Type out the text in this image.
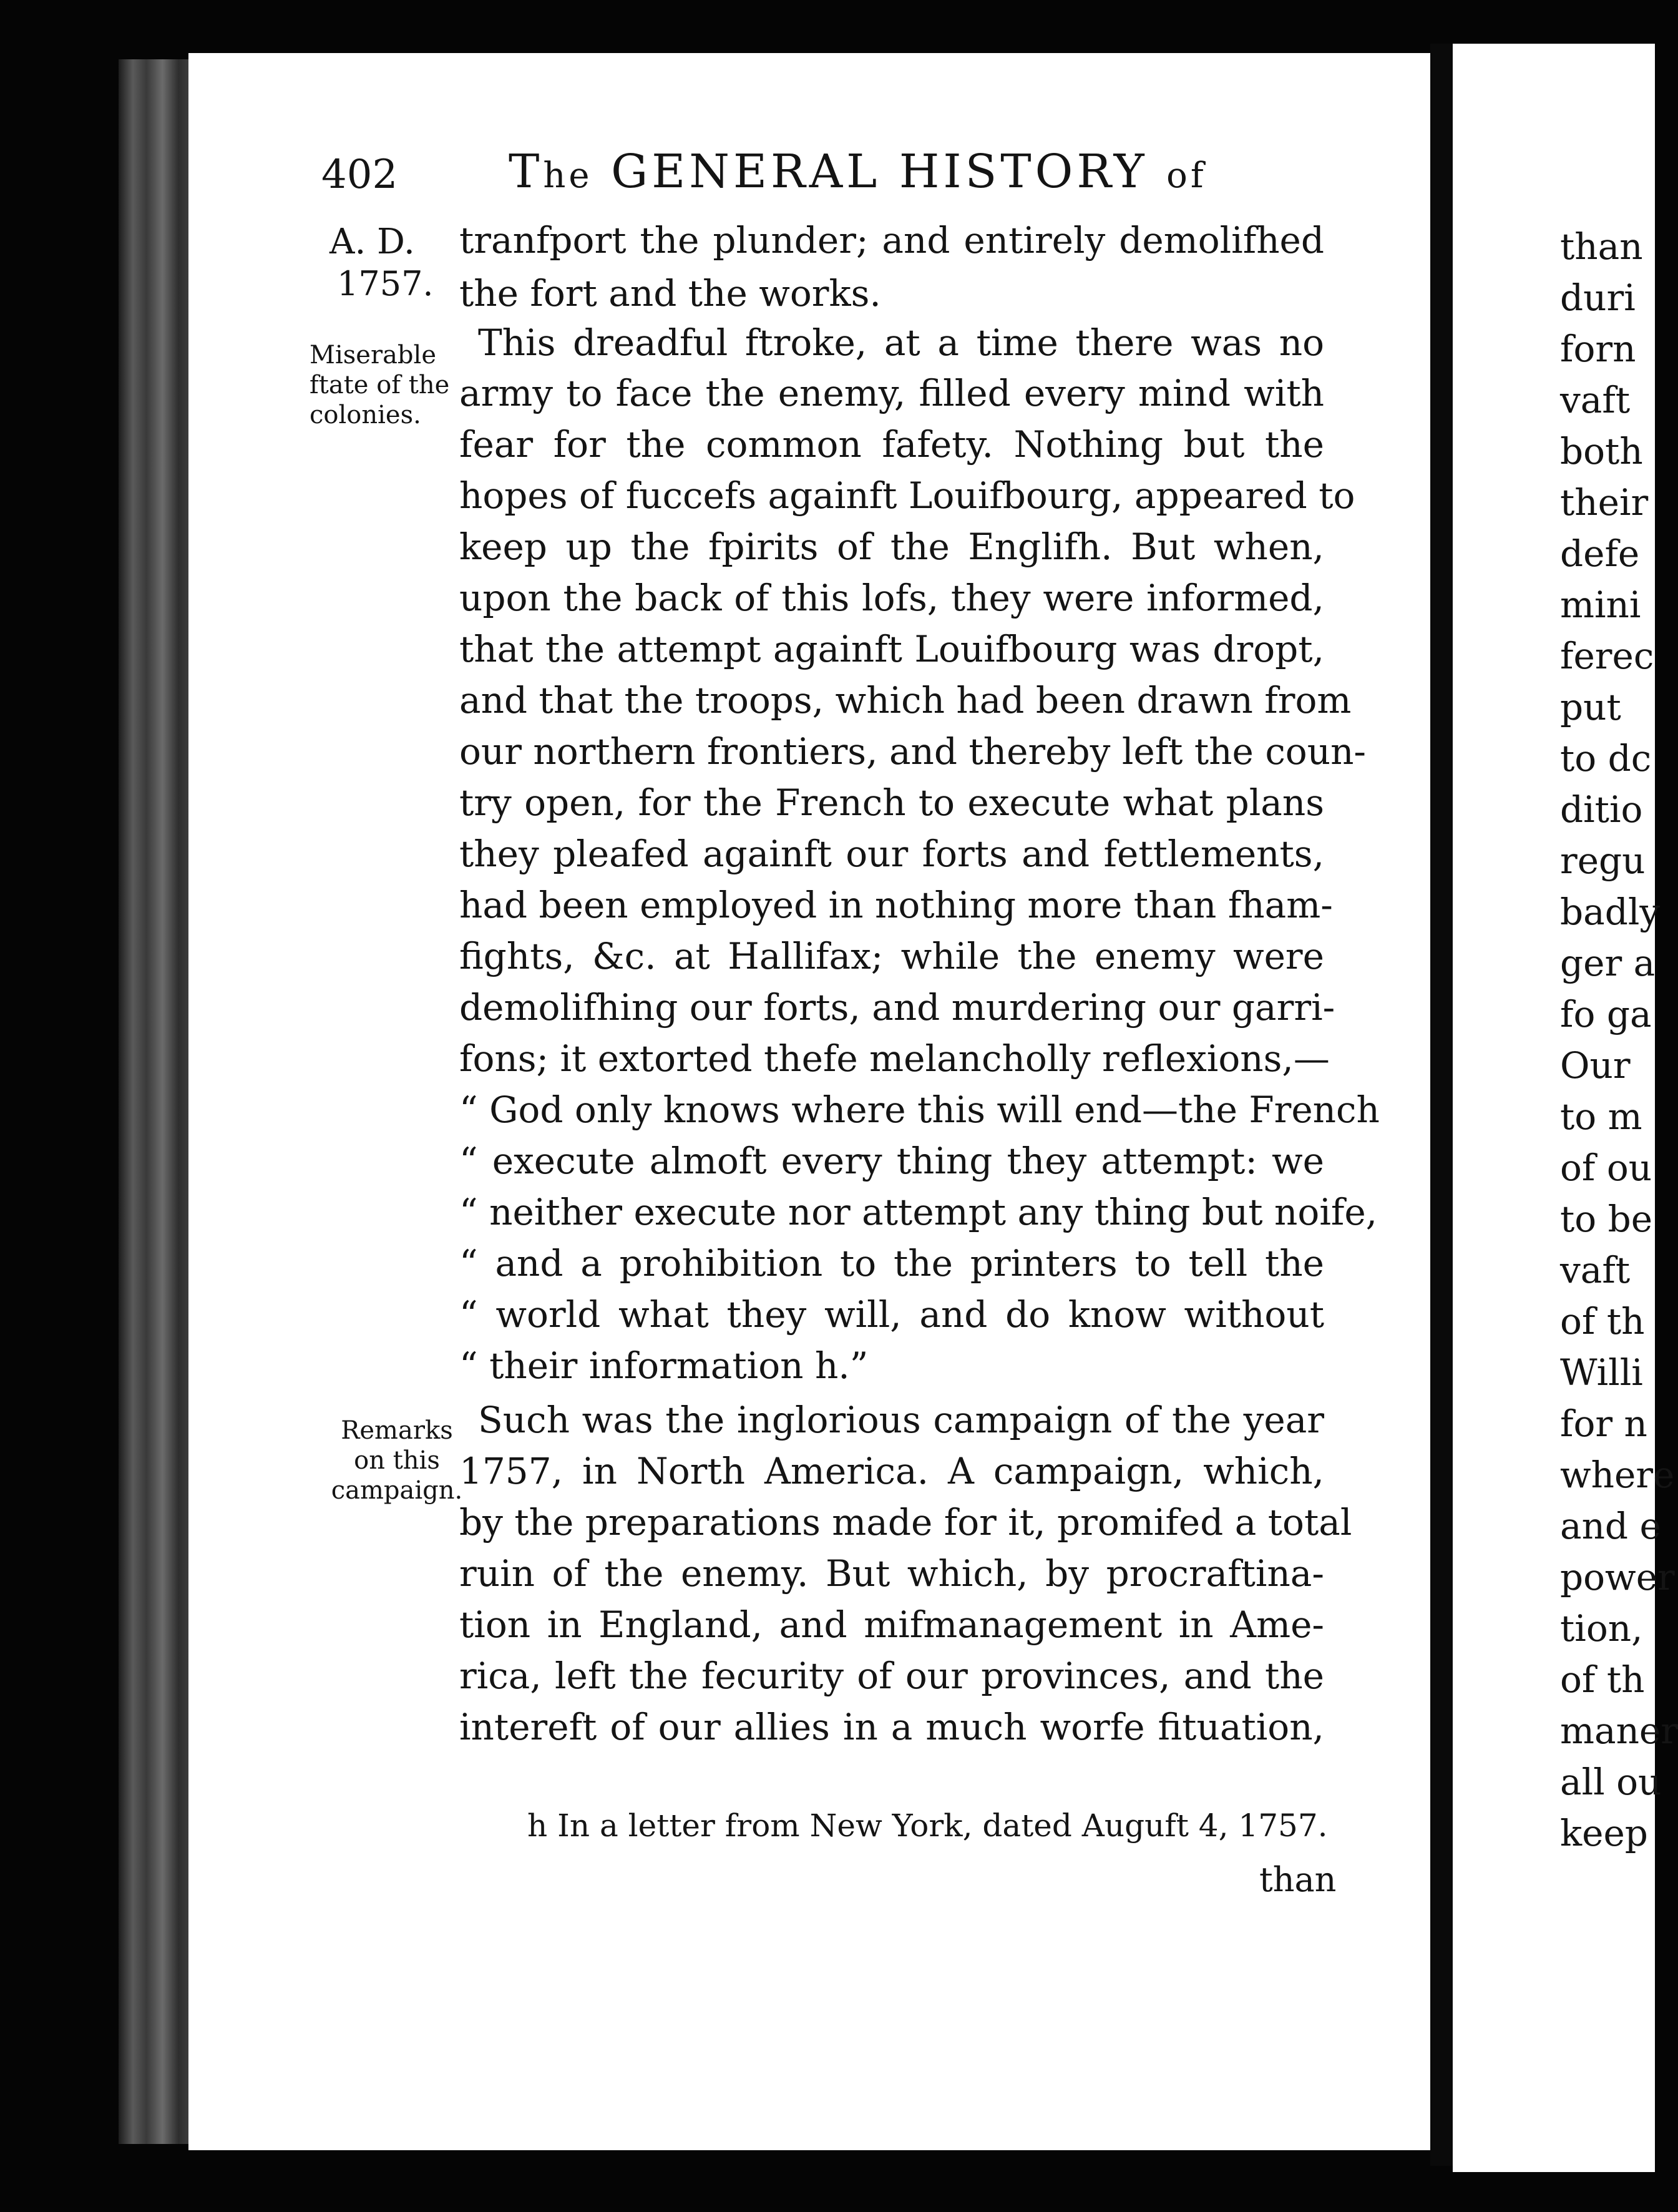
402 The GENERAL HISTORY of
A. D.
1757.
Miserable
ftate of the
colonies.
Remarks
on this
campaign.
tranfport the plunder; and entirely demolifhed
the fort and the works.
This dreadful ftroke, at a time there was no
army to face the enemy, filled every mind with
fear for the common fafety. Nothing but the
hopes of fuccefs againft Louifbourg, appeared to
keep up the fpirits of the Englifh. But when,
upon the back of this lofs, they were informed,
that the attempt againft Louifbourg was dropt,
and that the troops, which had been drawn from
our northern frontiers, and thereby left the coun-
try open, for the French to execute what plans
they pleafed againft our forts and fettlements,
had been employed in nothing more than fham-
fights, &c. at Hallifax; while the enemy were
demolifhing our forts, and murdering our garri-
fons; it extorted thefe melancholly reflexions,—
“ God only knows where this will end—the French
“ execute almoft every thing they attempt: we
“ neither execute nor attempt any thing but noife,
“ and a prohibition to the printers to tell the
“ world what they will, and do know without
“ their information h.”
Such was the inglorious campaign of the year
1757, in North America. A campaign, which,
by the preparations made for it, promifed a total
ruin of the enemy. But which, by procraftina-
tion in England, and mifmanagement in Ame-
rica, left the fecurity of our provinces, and the
intereft of our allies in a much worfe fituation,
h In a letter from New York, dated Auguft 4, 1757.
than
than
duri
forn
vaft
both
their
defe
mini
ferec
put
to dc
ditio
regu
badly
ger a
fo ga
Our
to m
of ou
to be
vaft
of th
Willi
for n
where
and e
power
tion,
of th
maner
all ou
keep
